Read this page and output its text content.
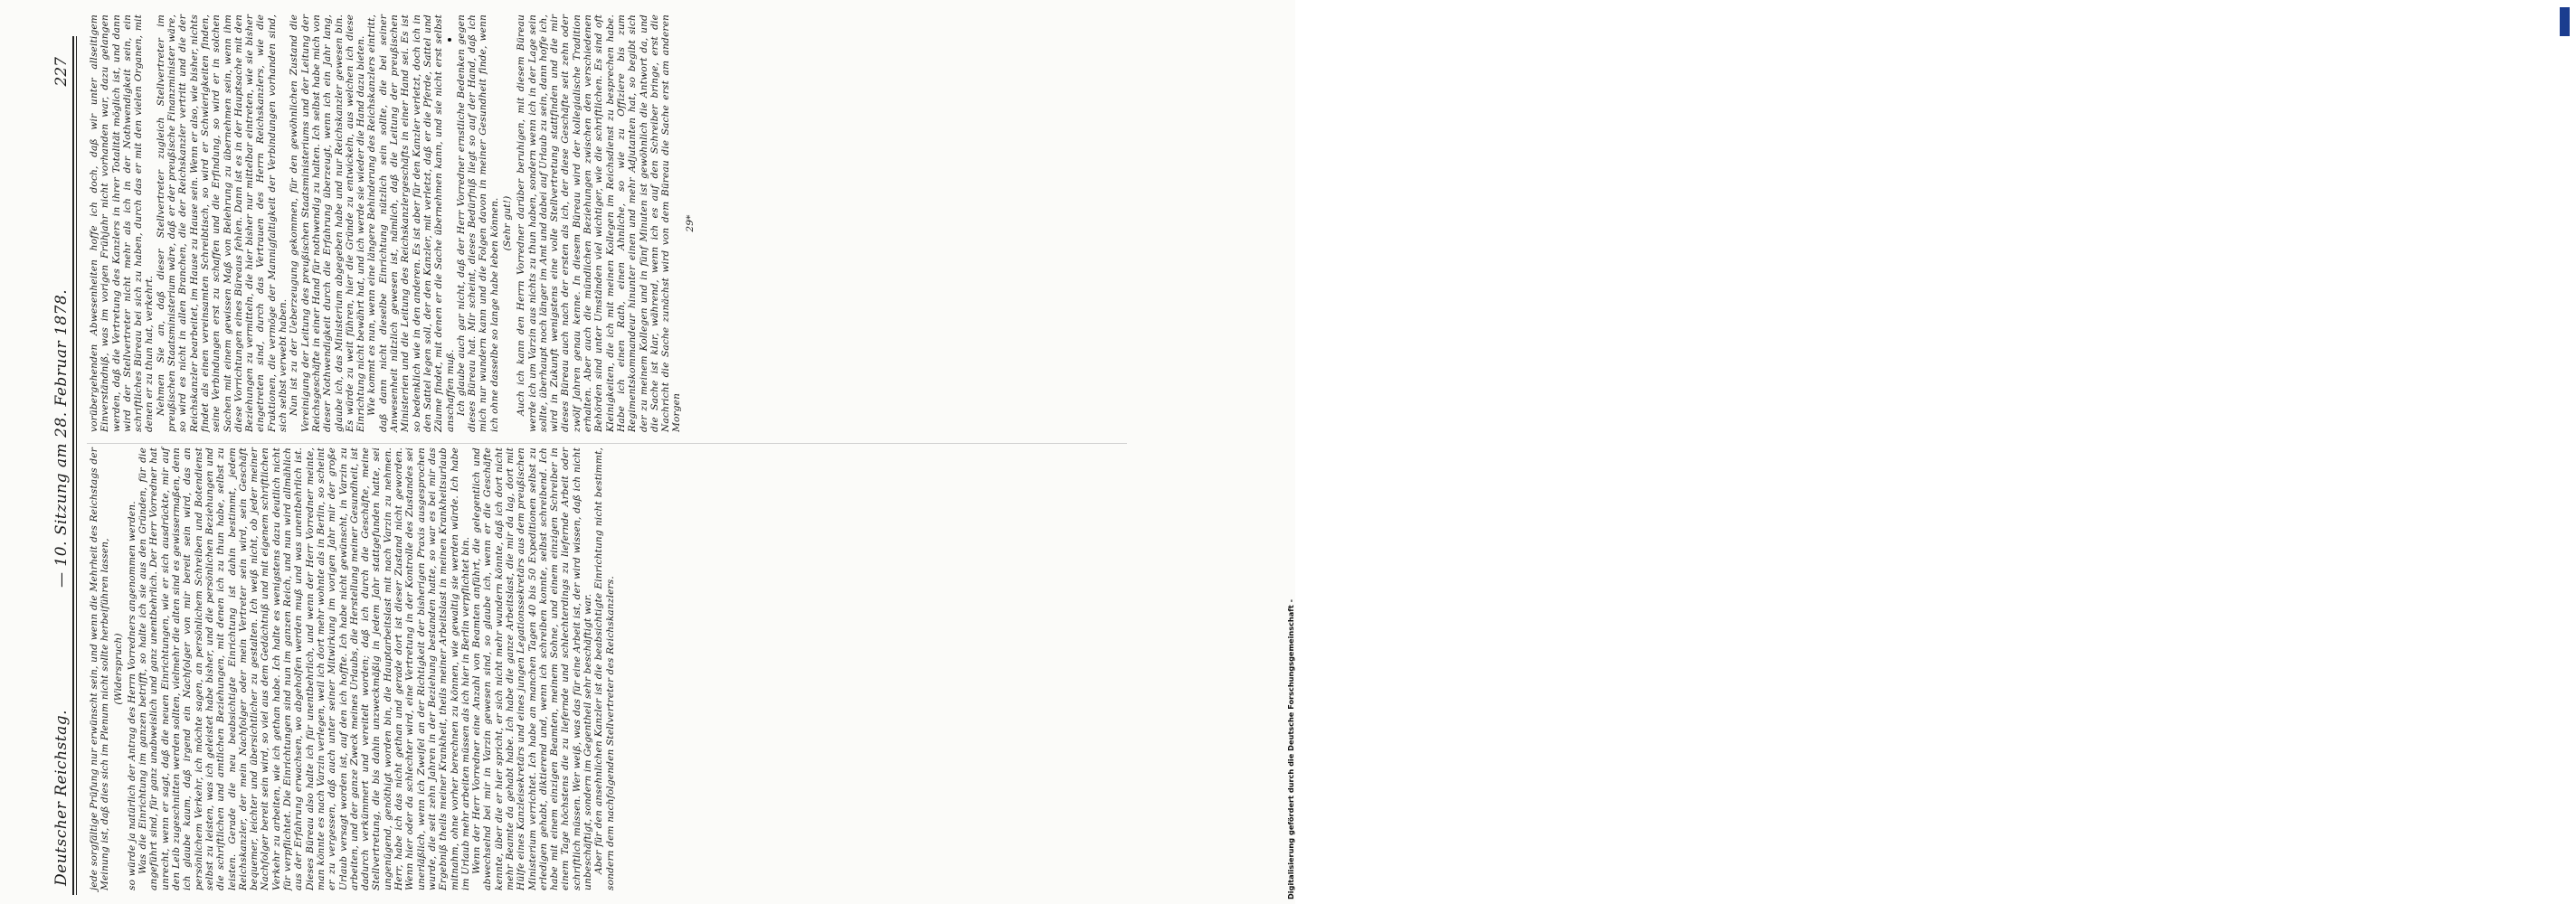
Deutscher Reichstag.
— 10. Sitzung am 28. Februar 1878.
227

jede sorgfältige Prüfung nur erwünscht sein, und wenn die Mehrheit des Reichstags der Meinung ist, daß dies sich im Plenum nicht sollte herbeiführen lassen, (Widerspruch) so würde ja natürlich der Antrag des Herrn Vorredners angenommen werden. Was die Einrichtung im ganzen betrifft, so halte ich sie aus den Gründen, für die angeführt sind, für ganz unabweislich und ganz unentbehrlich. Der Herr Vorredner hat unrecht, wenn er sagt, daß die neuen Einrichtungen, wie er sich ausdrückte, mir auf den Leib zugeschnitten werden sollten, vielmehr die alten sind es gewissermaßen, denn ich glaube kaum, daß irgend ein Nachfolger von mir bereit sein wird, das an persönlichem Verkehr, ich möchte sagen, an persönlichem Schreiben und Botendienst selbst zu leisten, was ich geleistet habe bisher, und die persönlichen Beziehungen und die schriftlichen und amtlichen Beziehungen, mit denen ich zu thun habe, selbst zu leisten. Gerade die neu beabsichtigte Einrichtung ist dahin bestimmt, jedem Reichskanzler, der mein Nachfolger oder mein Vertreter sein wird, sein Geschäft bequemer, leichter und übersichtlicher zu gestalten. Ich weiß nicht, ob jeder meiner Nachfolger bereit sein wird, so viel aus dem Gedächtniß und mit eigenem schriftlichen Verkehr zu arbeiten, wie ich gethan habe. Ich halte es wenigstens dazu deutlich nicht für verpflichtet. Die Einrichtungen sind nun im ganzen Reich, und nun wird allmählich aus der Erfahrung erwachsen, wo abgeholfen werden muß und was unentbehrlich ist. Dieses Büreau also halte ich für unentbehrlich, und wenn der Herr Vorredner meinte, man könnte es nach Varzin verlegen, weil ich dort mehr wohnte als in Berlin, so scheint er zu vergessen, daß auch unter seiner Mitwirkung im vorigen Jahr mir der große Urlaub versagt worden ist, auf den ich hoffte. Ich habe nicht gewünscht, in Varzin zu arbeiten, und der ganze Zweck meines Urlaubs, die Herstellung meiner Gesundheit, ist dadurch verkümmert und vereitelt worden; daß ich durch die Geschäfte, meine Stellvertretung, die bis dahin unzweckmäßig in jedem Jahr stattgefunden hatte, sei ungenügend, genöthigt worden bin, die Hauptarbeitslast mit nach Varzin zu nehmen. Herr, habe ich das nicht gethan und gerade dort ist dieser Zustand nicht geworden. Wenn hier oder da schlechter wird, eine Vertretung in der Kontrolle des Zustandes sei unerläßlich, wenn ich Zweifel an der Richtigkeit der bisherigen Praxis ausgesprochen wurde, die seit zehn Jahren in der Beziehung bestanden hatte, so war es bei mir das Ergebniß theils meiner Krankheit, theils meiner Arbeitslast in meinen Krankheitsurlaub mitnahm, ohne vorher berechnen zu können, wie gewaltig sie werden würde. Ich habe im Urlaub mehr arbeiten müssen als ich hier in Berlin verpflichtet bin. Wenn der Herr Vorredner eine Anzahl von Beamten anführt, die gelegentlich und abwechselnd bei mir in Varzin gewesen sind, so glaube ich, wenn er die Geschäfte kennte, über die er hier spricht, er sich nicht mehr wundern könnte, daß ich dort nicht mehr Beamte da gehabt habe. Ich habe die ganze Arbeitslast, die mir da lag, dort mit Hülfe eines Kanzleisekretärs und eines jungen Legationssekretärs aus dem preußischen Ministerium verrichtet. Ich habe an manchen Tagen 40 bis 50 Expeditionen selbst zu erledigen gehabt, diktierend und, wenn ich schreiben konnte, selbst schreibend. Ich habe mit einem einzigen Beamten, meinem Sohne, und einem einzigen Schreiber in einem Tage höchstens die zu liefernde und schlechterdings zu liefernde Arbeit oder schriftlich müssen. Wer weiß, was das für eine Arbeit ist, der wird wissen, daß ich nicht unbeschäftigt, sondern im Gegentheil sehr beschäftigt war. Aber für den ansehnlichen Kanzler ist die beabsichtigte Einrichtung nicht bestimmt, sondern dem nachfolgenden Stellvertreter des Reichskanzlers.

vorübergehenden Abwesenheiten hoffe ich doch, daß wir unter allseitigem Einverständniß, was im vorigen Frühjahr nicht vorhanden war, dazu gelangen werden, daß die Vertretung des Kanzlers in ihrer Totalität möglich ist, und dann wird der Stellvertreter nicht mehr als ich in der Nothwendigkeit sein, ein schriftliches Büreau bei sich zu haben, durch das er mit den vielen Organen, mit denen er zu thun hat, verkehrt. Nehmen Sie an, daß dieser Stellvertreter zugleich Stellvertreter im preußischen Staatsministerium wäre, daß er der preußische Finanzminister wäre, so wird es nicht in allen Branchen, die der Reichskanzler vertritt und die der Reichskanzler bearbeitet, im Hause zu Hause sein. Wenn er also, wie bisher, nichts findet als einen vereinsamten Schreibtisch, so wird er Schwierigkeiten finden, seine Verbindungen erst zu schaffen und die Erfindung, so wird er in solchen Sachen mit einem gewissen Maß von Belehrung zu übernehmen sein, wenn ihm diese Vorrichtungen eines Büreaus fehlen. Dann ist es in der Hauptsache mit den Beziehungen zu vermitteln, die hier bisher nur mittelbar eintreten, wie sie bisher eingetreten sind, durch das Vertrauen des Herrn Reichskanzlers, wie die Fraktionen, die vermöge der Mannigfaltigkeit der Verbindungen vorhanden sind, sich selbst verwebt haben. Nun ist zu der Ueberzeugung gekommen, für den gewöhnlichen Zustand die Vereinigung der Leitung des preußischen Staatsministeriums und der Leitung der Reichsgeschäfte in einer Hand für nothwendig zu halten. Ich selbst habe mich von dieser Nothwendigkeit durch die Erfahrung überzeugt, wenn ich ein Jahr lang, glaube ich, das Ministerium abgegeben habe und nur Reichskanzler gewesen bin. Es würde zu weit führen, hier die Gründe zu entwickeln, aus welchen ich diese Einrichtung nicht bewährt hat, und ich werde sie wieder die Hand dazu bieten. Wie kommt es nun, wenn eine längere Behinderung des Reichskanzlers eintritt, daß dann nicht dieselbe Einrichtung nützlich sein sollte, die bei seiner Anwesenheit nützlich gewesen ist, nämlich, daß die Leitung der preußischen Ministerien und die Leitung des Reichskanzlergeschäfts in einer Hand sei. Es ist so bedenklich wie in den anderen. Es ist aber für den Kanzler verletzt, doch ich in den Sattel legen soll, der den Kanzler, mit verletzt, daß er die Pferde, Sattel und Zäume findet, mit denen er die Sache übernehmen kann, und sie nicht erst selbst anschaffen muß. Ich glaube auch gar nicht, daß der Herr Vorredner ernstliche Bedenken gegen dieses Büreau hat. Mir scheint, dieses Bedürfniß liegt so auf der Hand, daß ich mich nur wundern kann und die Folgen davon in meiner Gesundheit finde, wenn ich ohne dasselbe so lange habe leben können. (Sehr gut!) Auch ich kann den Herrn Vorredner darüber beruhigen, mit diesem Büreau werde ich um Varzin aus nichts zu thun haben, sondern wenn ich in der Lage sein sollte, überhaupt noch länger im Amt und dabei auf Urlaub zu sein, dann hoffe ich, wird in Zukunft wenigstens eine volle Stellvertretung stattfinden und die mir dieses Büreau auch nach der ersten als ich, der diese Geschäfte seit zehn oder zwölf Jahren genau kenne. In diesem Büreau wird der kollegialische Tradition erhalten. Aber auch die mündlichen Beziehungen zwischen den verschiedenen Behörden sind unter Umständen viel wichtiger, wie die schriftlichen. Es sind oft Kleinigkeiten, die ich mit meinen Kollegen im Reichsdienst zu besprechen habe. Habe ich einen Rath, einen Ahnliche, so wie zu Offiziere bis zum Regimentskommandeur hinunter einen und mehr Adjutanten hat, so begibt sich der zu meinem Kollegen und in fünf Minuten ist gewöhnlich die Antwort da, und die Sache ist klar, während, wenn ich es auf den Schreiber bringe, erst die Nachricht die Sache zunächst wird von dem Büreau die Sache erst am anderen Morgen

29*

DFG
Digitalisierung gefördert durch die Deutsche Forschungsgemeinschaft -
